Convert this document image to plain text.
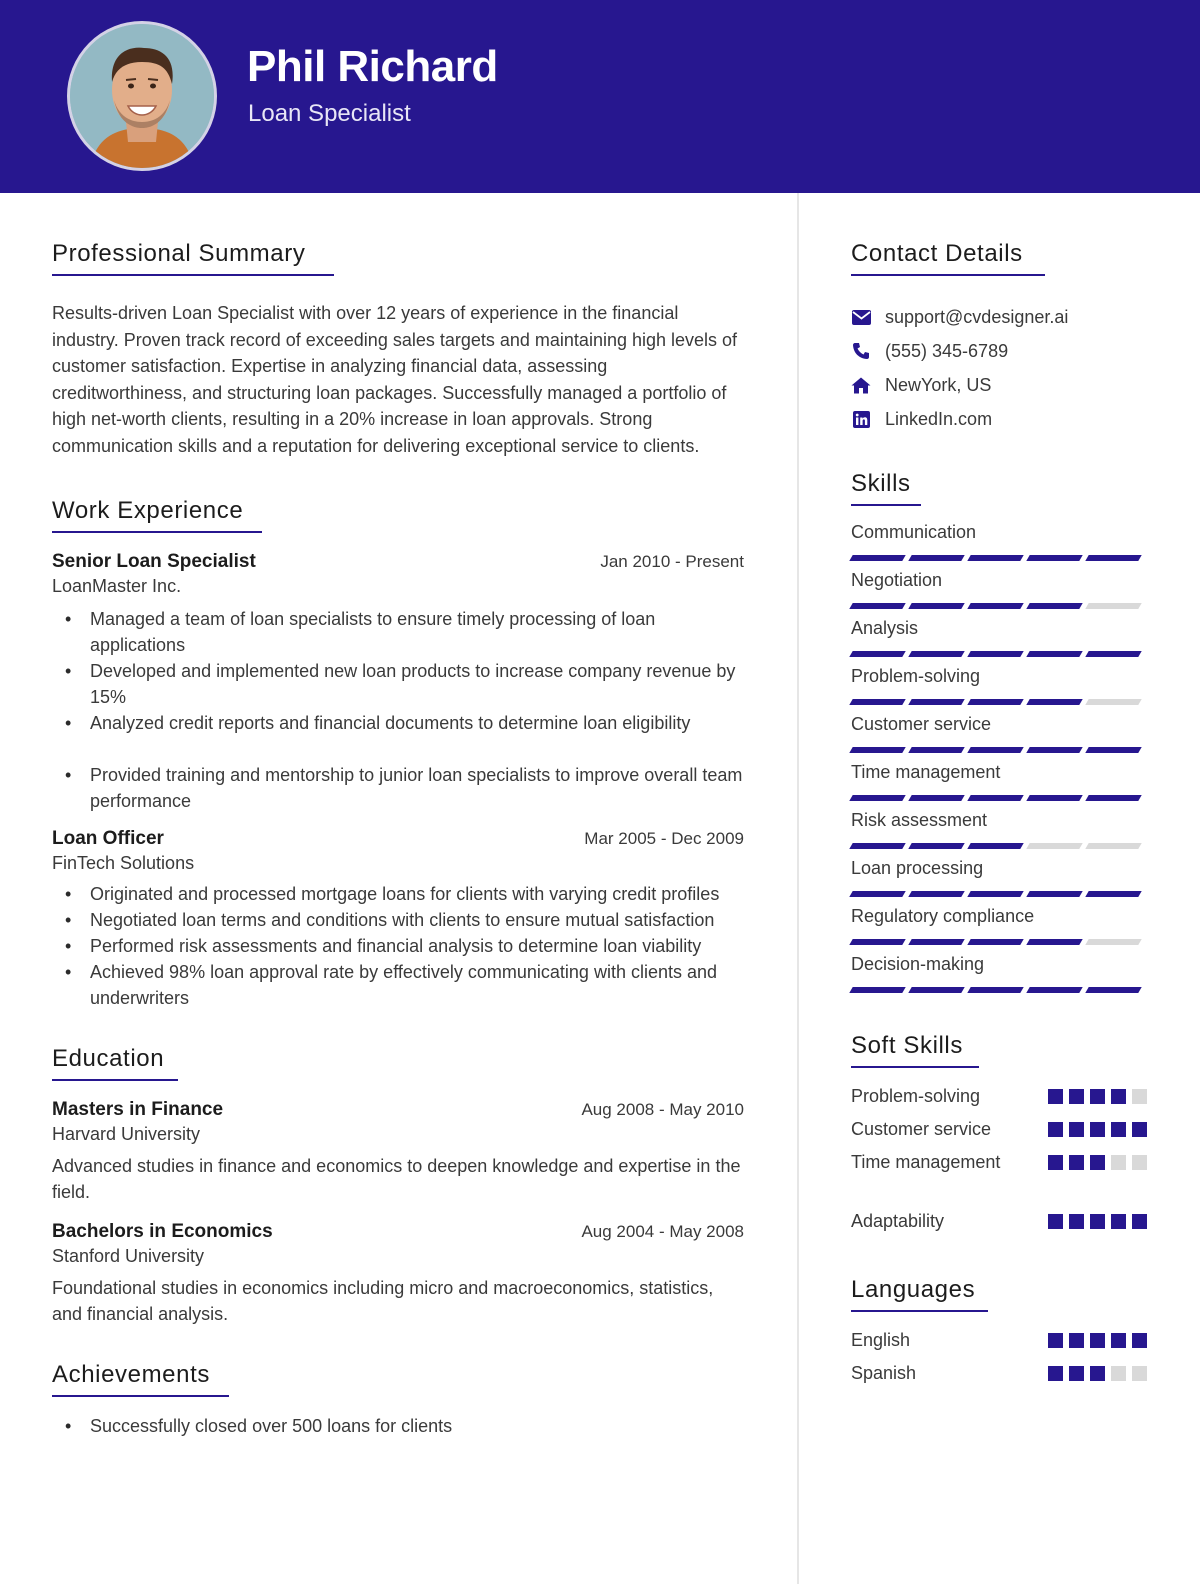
Phil Richard
Loan Specialist
Professional Summary

Results-driven Loan Specialist with over 12 years of experience in the financial industry. Proven track record of exceeding sales targets and maintaining high levels of customer satisfaction. Expertise in analyzing financial data, assessing creditworthiness, and structuring loan packages. Successfully managed a portfolio of high net-worth clients, resulting in a 20% increase in loan approvals. Strong communication skills and a reputation for delivering exceptional service to clients.

Work Experience
Senior Loan Specialist	Jan 2010 - Present
LoanMaster Inc.
• Managed a team of loan specialists to ensure timely processing of loan applications
• Developed and implemented new loan products to increase company revenue by 15%
• Analyzed credit reports and financial documents to determine loan eligibility
• Provided training and mentorship to junior loan specialists to improve overall team performance
Loan Officer	Mar 2005 - Dec 2009
FinTech Solutions
• Originated and processed mortgage loans for clients with varying credit profiles
• Negotiated loan terms and conditions with clients to ensure mutual satisfaction
• Performed risk assessments and financial analysis to determine loan viability
• Achieved 98% loan approval rate by effectively communicating with clients and underwriters
Education
Masters in Finance	Aug 2008 - May 2010
Harvard University

Advanced studies in finance and economics to deepen knowledge and expertise in the field.

Bachelors in Economics	Aug 2004 - May 2008
Stanford University

Foundational studies in economics including micro and macroeconomics, statistics, and financial analysis.

Achievements
• Successfully closed over 500 loans for clients
Contact Details
support@cvdesigner.ai
(555) 345-6789
NewYork, US
LinkedIn.com
Skills
Communication
Negotiation
Analysis
Problem-solving
Customer service
Time management
Risk assessment
Loan processing
Regulatory compliance
Decision-making
Soft Skills
Problem-solving
Customer service
Time management
Adaptability
Languages
English
Spanish
